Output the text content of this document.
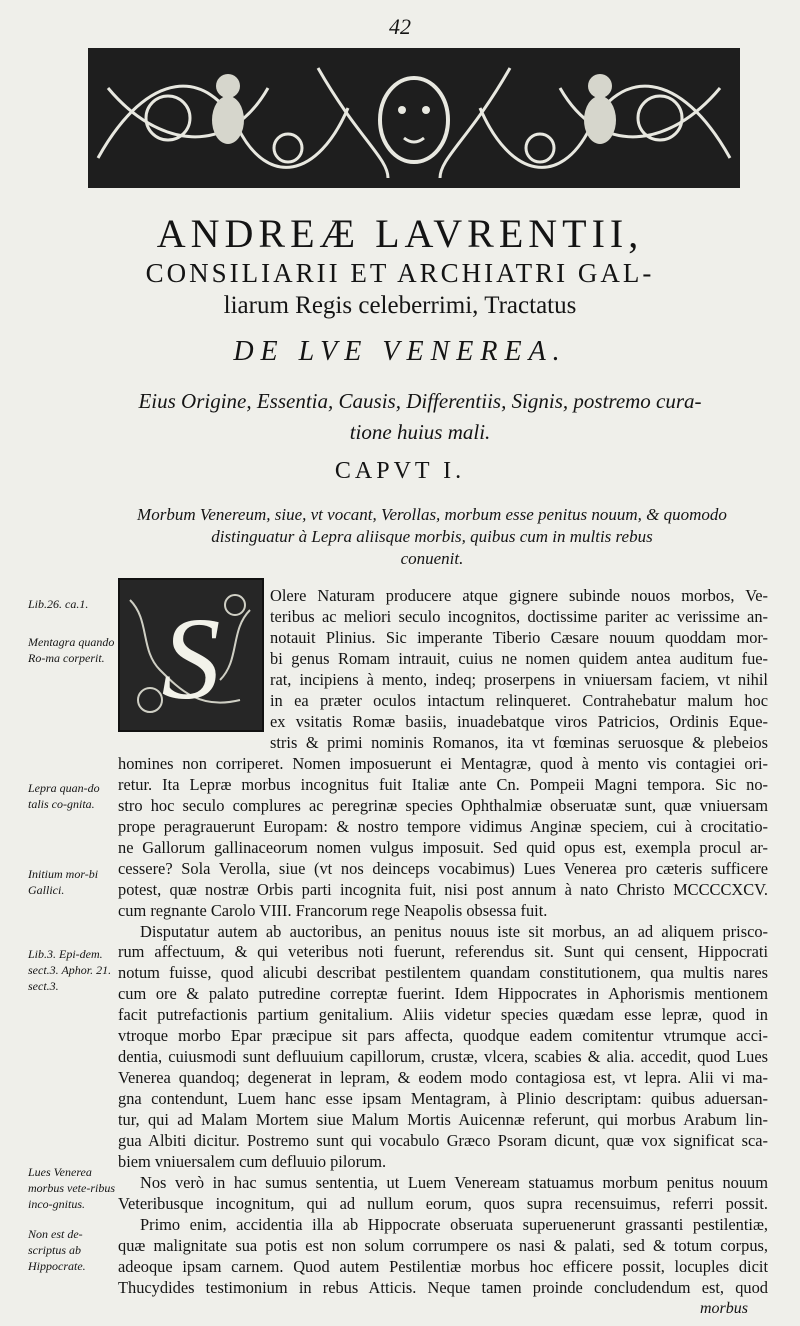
42
ANDREÆ LAVRENTII,
CONSILIARII ET ARCHIATRI GAL-
liarum Regis celeberrimi, Tractatus
DE LVE VENEREA.
Eius Origine, Essentia, Causis, Differentiis, Signis, postremo cura-
tione huius mali.
CAPVT I.
Morbum Venereum, siue, vt vocant, Verollas, morbum esse penitus nouum, & quomodo
distinguatur à Lepra aliisque morbis, quibus cum in multis rebus
conuenit.
Lib.26. ca.1.
Mentagra quando Ro-ma corperit.
Lepra quan-do talis co-gnita.
Initium mor-bi Gallici.
Lib.3. Epi-dem. sect.3. Aphor. 21. sect.3.
Lues Venerea morbus vete-ribus inco-gnitus.
Non est de-scriptus ab Hippocrate.
S	Olere Naturam producere atque gignere subinde nouos morbos, Ve-
teribus ac meliori seculo incognitos, doctissime pariter ac verissime an-
notauit Plinius. Sic imperante Tiberio Cæsare nouum quoddam mor-
bi genus Romam intrauit, cuius ne nomen quidem antea auditum fue-
rat, incipiens à mento, indeq; proserpens in vniuersam faciem, vt nihil
in ea præter oculos intactum relinqueret. Contrahebatur malum hoc
ex vsitatis Romæ basiis, inuadebatque viros Patricios, Ordinis Eque-
stris & primi nominis Romanos, ita vt fœminas seruosque & plebeios
homines non corriperet. Nomen imposuerunt ei Mentagræ, quod à mento vis contagiei ori-
retur. Ita Lepræ morbus incognitus fuit Italiæ ante Cn. Pompeii Magni tempora. Sic no-
stro hoc seculo complures ac peregrinæ species Ophthalmiæ obseruatæ sunt, quæ vniuersam
prope peragrauerunt Europam: & nostro tempore vidimus Anginæ speciem, cui à crocitatio-
ne Gallorum gallinaceorum nomen vulgus imposuit. Sed quid opus est, exempla procul ar-
cessere? Sola Verolla, siue (vt nos deinceps vocabimus) Lues Venerea pro cæteris sufficere
potest, quæ nostræ Orbis parti incognita fuit, nisi post annum à nato Christo MCCCCXCV.
cum regnante Carolo VIII. Francorum rege Neapolis obsessa fuit.
Disputatur autem ab auctoribus, an penitus nouus iste sit morbus, an ad aliquem prisco-
rum affectuum, & qui veteribus noti fuerunt, referendus sit. Sunt qui censent, Hippocrati
notum fuisse, quod alicubi describat pestilentem quandam constitutionem, qua multis nares
cum ore & palato putredine correptæ fuerint. Idem Hippocrates in Aphorismis mentionem
facit putrefactionis partium genitalium. Aliis videtur species quædam esse lepræ, quod in
vtroque morbo Epar præcipue sit pars affecta, quodque eadem comitentur vtrumque acci-
dentia, cuiusmodi sunt defluuium capillorum, crustæ, vlcera, scabies & alia. accedit, quod Lues
Venerea quandoq; degenerat in lepram, & eodem modo contagiosa est, vt lepra. Alii vi ma-
gna contendunt, Luem hanc esse ipsam Mentagram, à Plinio descriptam: quibus aduersan-
tur, qui ad Malam Mortem siue Malum Mortis Auicennæ referunt, qui morbus Arabum lin-
gua Albiti dicitur. Postremo sunt qui vocabulo Græco Psoram dicunt, quæ vox significat sca-
biem vniuersalem cum defluuio pilorum.
Nos verò in hac sumus sententia, ut Luem Veneream statuamus morbum penitus nouum
Veteribusque incognitum, qui ad nullum eorum, quos supra recensuimus, referri possit.
Primo enim, accidentia illa ab Hippocrate obseruata superuenerunt grassanti pestilentiæ,
quæ malignitate sua potis est non solum corrumpere os nasi & palati, sed & totum corpus,
adeoque ipsam carnem. Quod autem Pestilentiæ morbus hoc efficere possit, locuples dicit
Thucydides testimonium in rebus Atticis. Neque tamen proinde concludendum est, quod
morbus
